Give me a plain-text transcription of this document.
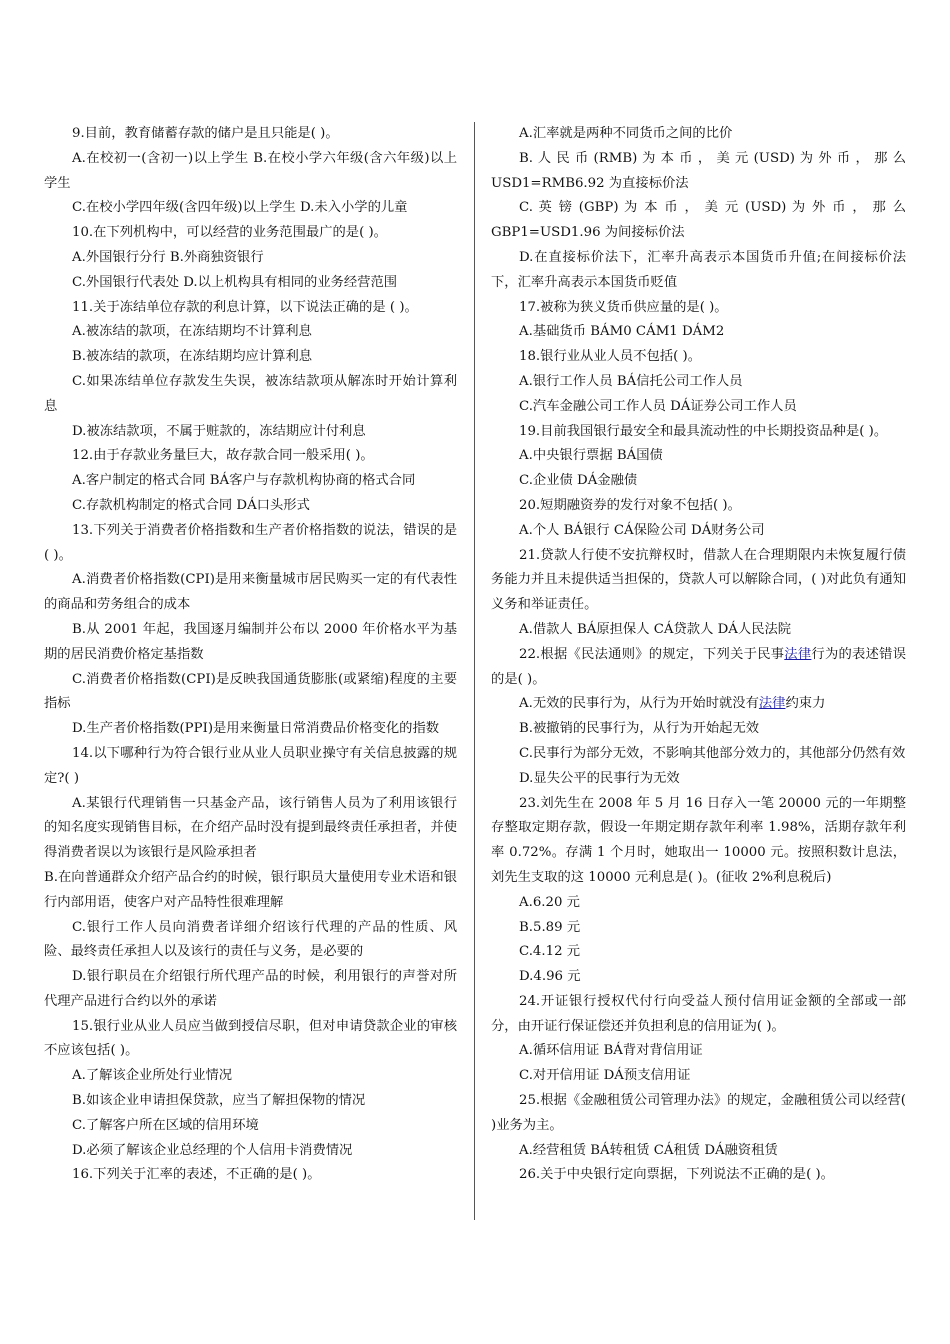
9.目前，教育储蓄存款的储户是且只能是( )。

A.在校初一(含初一)以上学生 B.在校小学六年级(含六年级)以上学生

C.在校小学四年级(含四年级)以上学生 D.未入小学的儿童

10.在下列机构中，可以经营的业务范围最广的是( )。

A.外国银行分行 B.外商独资银行

C.外国银行代表处 D.以上机构具有相同的业务经营范围

11.关于冻结单位存款的利息计算，以下说法正确的是 ( )。

A.被冻结的款项，在冻结期均不计算利息

B.被冻结的款项，在冻结期均应计算利息

C.如果冻结单位存款发生失误，被冻结款项从解冻时开始计算利息

D.被冻结款项，不属于赃款的，冻结期应计付利息

12.由于存款业务量巨大，故存款合同一般采用( )。

A.客户制定的格式合同 BÁ客户与存款机构协商的格式合同

C.存款机构制定的格式合同 DÁ口头形式

13.下列关于消费者价格指数和生产者价格指数的说法，错误的是( )。

A.消费者价格指数(CPI)是用来衡量城市居民购买一定的有代表性的商品和劳务组合的成本

B.从 2001 年起，我国逐月编制并公布以 2000 年价格水平为基期的居民消费价格定基指数

C.消费者价格指数(CPI)是反映我国通货膨胀(或紧缩)程度的主要指标

D.生产者价格指数(PPI)是用来衡量日常消费品价格变化的指数

14.以下哪种行为符合银行业从业人员职业操守有关信息披露的规定?( )

A.某银行代理销售一只基金产品，该行销售人员为了利用该银行的知名度实现销售目标，在介绍产品时没有提到最终责任承担者，并使得消费者误以为该银行是风险承担者

B.在向普通群众介绍产品合约的时候，银行职员大量使用专业术语和银行内部用语，使客户对产品特性很难理解

C.银行工作人员向消费者详细介绍该行代理的产品的性质、风险、最终责任承担人以及该行的责任与义务，是必要的

D.银行职员在介绍银行所代理产品的时候，利用银行的声誉对所代理产品进行合约以外的承诺

15.银行业从业人员应当做到授信尽职，但对申请贷款企业的审核不应该包括( )。

A.了解该企业所处行业情况

B.如该企业申请担保贷款，应当了解担保物的情况

C.了解客户所在区域的信用环境

D.必须了解该企业总经理的个人信用卡消费情况

16.下列关于汇率的表述，不正确的是( )。

A.汇率就是两种不同货币之间的比价

B. 人 民 币 (RMB) 为 本 币 ， 美 元 (USD) 为 外 币 ， 那 么 USD1=RMB6.92 为直接标价法

C. 英 镑 (GBP) 为 本 币 ， 美 元 (USD) 为 外 币 ， 那 么 GBP1=USD1.96 为间接标价法

D.在直接标价法下，汇率升高表示本国货币升值;在间接标价法下，汇率升高表示本国货币贬值

17.被称为狭义货币供应量的是( )。

A.基础货币 BÁM0 CÁM1 DÁM2

18.银行业从业人员不包括( )。

A.银行工作人员 BÁ信托公司工作人员

C.汽车金融公司工作人员 DÁ证券公司工作人员

19.目前我国银行最安全和最具流动性的中长期投资品种是( )。

A.中央银行票据 BÁ国债

C.企业债 DÁ金融债

20.短期融资券的发行对象不包括( )。

A.个人 BÁ银行 CÁ保险公司 DÁ财务公司

21.贷款人行使不安抗辩权时，借款人在合理期限内未恢复履行债务能力并且未提供适当担保的，贷款人可以解除合同，( )对此负有通知义务和举证责任。

A.借款人 BÁ原担保人 CÁ贷款人 DÁ人民法院

22.根据《民法通则》的规定，下列关于民事法律行为的表述错误的是( )。

A.无效的民事行为，从行为开始时就没有法律约束力

B.被撤销的民事行为，从行为开始起无效

C.民事行为部分无效，不影响其他部分效力的，其他部分仍然有效

D.显失公平的民事行为无效

23.刘先生在 2008 年 5 月 16 日存入一笔 20000 元的一年期整存整取定期存款，假设一年期定期存款年利率 1.98%，活期存款年利率 0.72%。存满 1 个月时，她取出一 10000 元。按照积数计息法，刘先生支取的这 10000 元利息是( )。(征收 2%利息税后)

A.6.20 元

B.5.89 元

C.4.12 元

D.4.96 元

24.开证银行授权代付行向受益人预付信用证金额的全部或一部分，由开证行保证偿还并负担利息的信用证为( )。

A.循环信用证 BÁ背对背信用证

C.对开信用证 DÁ预支信用证

25.根据《金融租赁公司管理办法》的规定，金融租赁公司以经营( )业务为主。

A.经营租赁 BÁ转租赁 CÁ租赁 DÁ融资租赁

26.关于中央银行定向票据，下列说法不正确的是( )。
